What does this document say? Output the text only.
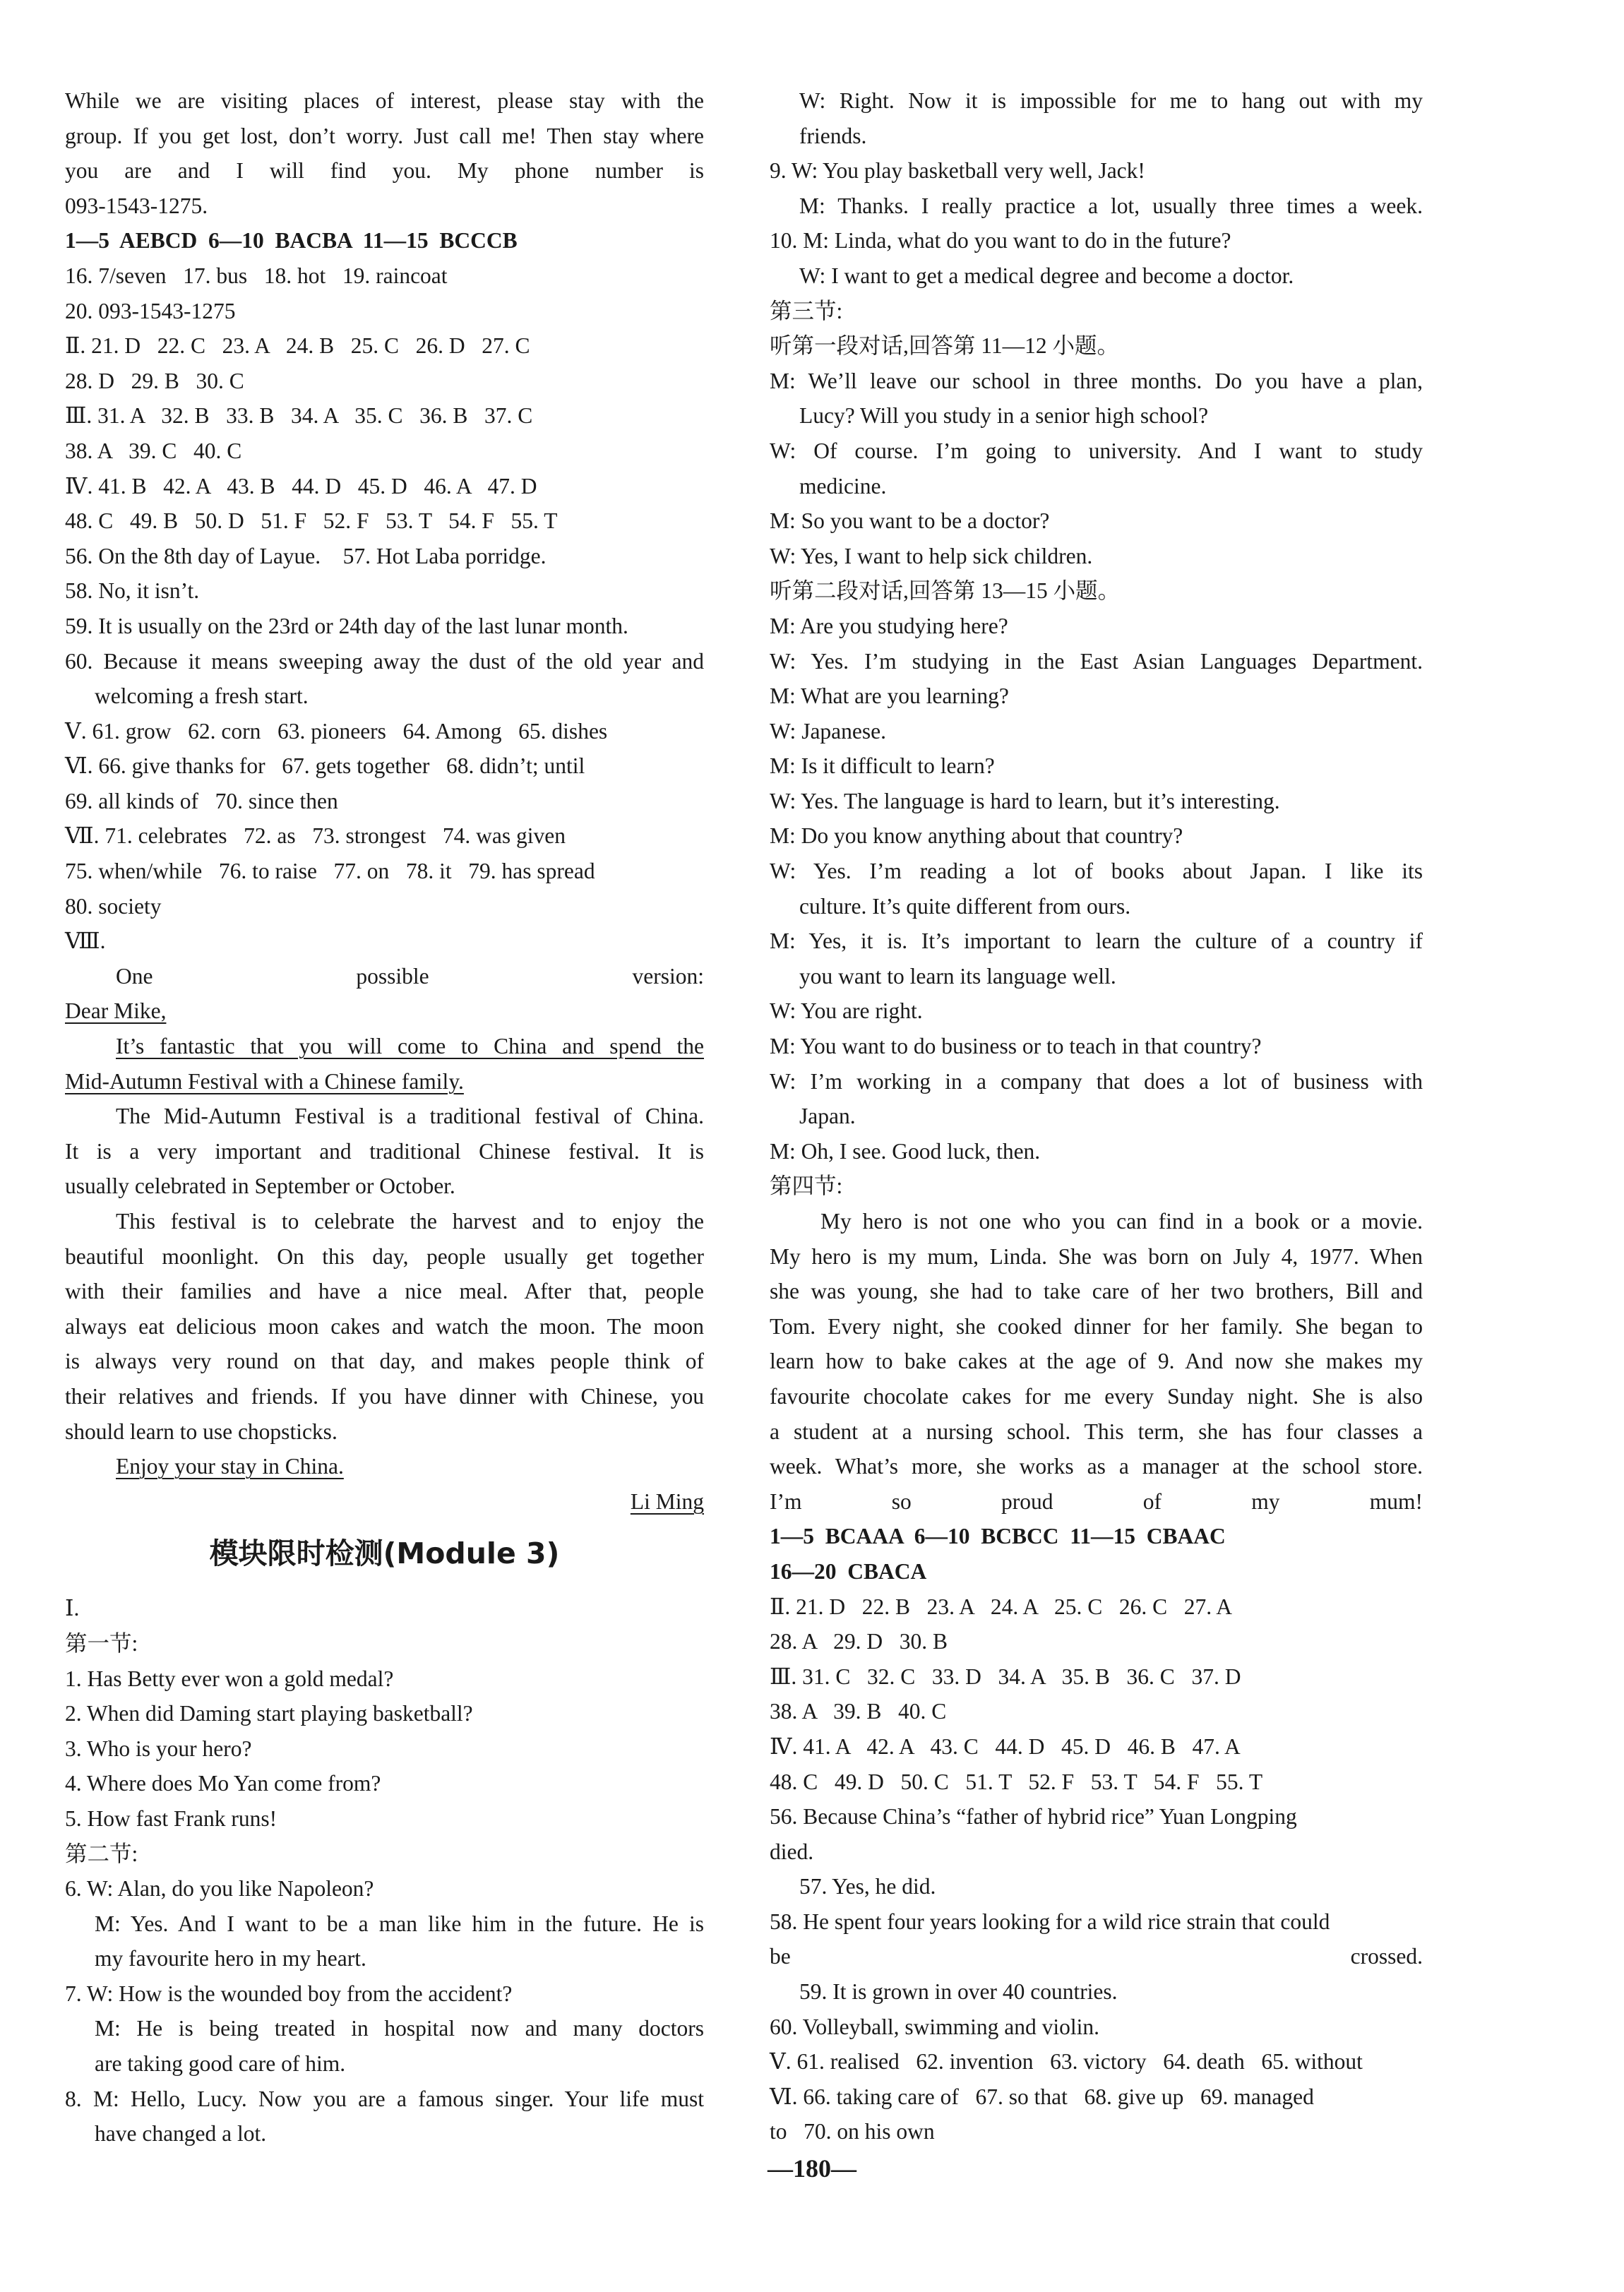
While we are visiting places of interest, please stay with the
group. If you get lost, don’t worry. Just call me! Then stay where
you are and I will find you. My phone number is
093-1543-1275.
1—5  AEBCD  6—10  BACBA  11—15  BCCCB
16. 7/seven   17. bus   18. hot   19. raincoat
20. 093-1543-1275
Ⅱ. 21. D   22. C   23. A   24. B   25. C   26. D   27. C
28. D   29. B   30. C
Ⅲ. 31. A   32. B   33. B   34. A   35. C   36. B   37. C
38. A   39. C   40. C
Ⅳ. 41. B   42. A   43. B   44. D   45. D   46. A   47. D
48. C   49. B   50. D   51. F   52. F   53. T   54. F   55. T
56. On the 8th day of Layue.    57. Hot Laba porridge.
58. No, it isn’t.
59. It is usually on the 23rd or 24th day of the last lunar month.
60. Because it means sweeping away the dust of the old year and
welcoming a fresh start.
Ⅴ. 61. grow   62. corn   63. pioneers   64. Among   65. dishes
Ⅵ. 66. give thanks for   67. gets together   68. didn’t; until
69. all kinds of   70. since then
Ⅶ. 71. celebrates   72. as   73. strongest   74. was given
75. when/while   76. to raise   77. on   78. it   79. has spread
80. society
Ⅷ.
One possible version:
Dear Mike,
It’s fantastic that you will come to China and spend the
Mid-Autumn Festival with a Chinese family.
The Mid-Autumn Festival is a traditional festival of China.
It is a very important and traditional Chinese festival. It is
usually celebrated in September or October.
This festival is to celebrate the harvest and to enjoy the
beautiful moonlight. On this day, people usually get together
with their families and have a nice meal. After that, people
always eat delicious moon cakes and watch the moon. The moon
is always very round on that day, and makes people think of
their relatives and friends. If you have dinner with Chinese, you
should learn to use chopsticks.
Enjoy your stay in China.
Li Ming
模块限时检测(Module 3)
Ⅰ.
第一节:
1. Has Betty ever won a gold medal?
2. When did Daming start playing basketball?
3. Who is your hero?
4. Where does Mo Yan come from?
5. How fast Frank runs!
第二节:
6. W: Alan, do you like Napoleon?
M: Yes. And I want to be a man like him in the future. He is
my favourite hero in my heart.
7. W: How is the wounded boy from the accident?
M: He is being treated in hospital now and many doctors
are taking good care of him.
8. M: Hello, Lucy. Now you are a famous singer. Your life must
have changed a lot.
W: Right. Now it is impossible for me to hang out with my
friends.
9. W: You play basketball very well, Jack!
M: Thanks. I really practice a lot, usually three times a week.
10. M: Linda, what do you want to do in the future?
W: I want to get a medical degree and become a doctor.
第三节:
听第一段对话,回答第 11—12 小题。
M: We’ll leave our school in three months. Do you have a plan,
Lucy? Will you study in a senior high school?
W: Of course. I’m going to university. And I want to study
medicine.
M: So you want to be a doctor?
W: Yes, I want to help sick children.
听第二段对话,回答第 13—15 小题。
M: Are you studying here?
W: Yes. I’m studying in the East Asian Languages Department.
M: What are you learning?
W: Japanese.
M: Is it difficult to learn?
W: Yes. The language is hard to learn, but it’s interesting.
M: Do you know anything about that country?
W: Yes. I’m reading a lot of books about Japan. I like its
culture. It’s quite different from ours.
M: Yes, it is. It’s important to learn the culture of a country if
you want to learn its language well.
W: You are right.
M: You want to do business or to teach in that country?
W: I’m working in a company that does a lot of business with
Japan.
M: Oh, I see. Good luck, then.
第四节:
My hero is not one who you can find in a book or a movie.
My hero is my mum, Linda. She was born on July 4, 1977. When
she was young, she had to take care of her two brothers, Bill and
Tom. Every night, she cooked dinner for her family. She began to
learn how to bake cakes at the age of 9. And now she makes my
favourite chocolate cakes for me every Sunday night. She is also
a student at a nursing school. This term, she has four classes a
week. What’s more, she works as a manager at the school store.
I’m so proud of my mum!
1—5  BCAAA  6—10  BCBCC  11—15  CBAAC
16—20  CBACA
Ⅱ. 21. D   22. B   23. A   24. A   25. C   26. C   27. A
28. A   29. D   30. B
Ⅲ. 31. C   32. C   33. D   34. A   35. B   36. C   37. D
38. A   39. B   40. C
Ⅳ. 41. A   42. A   43. C   44. D   45. D   46. B   47. A
48. C   49. D   50. C   51. T   52. F   53. T   54. F   55. T
56. Because China’s “father of hybrid rice” Yuan Longping
died.
57. Yes, he did.
58. He spent four years looking for a wild rice strain that could
be crossed.
59. It is grown in over 40 countries.
60. Volleyball, swimming and violin.
Ⅴ. 61. realised   62. invention   63. victory   64. death   65. without
Ⅵ. 66. taking care of   67. so that   68. give up   69. managed
to   70. on his own
—180—
